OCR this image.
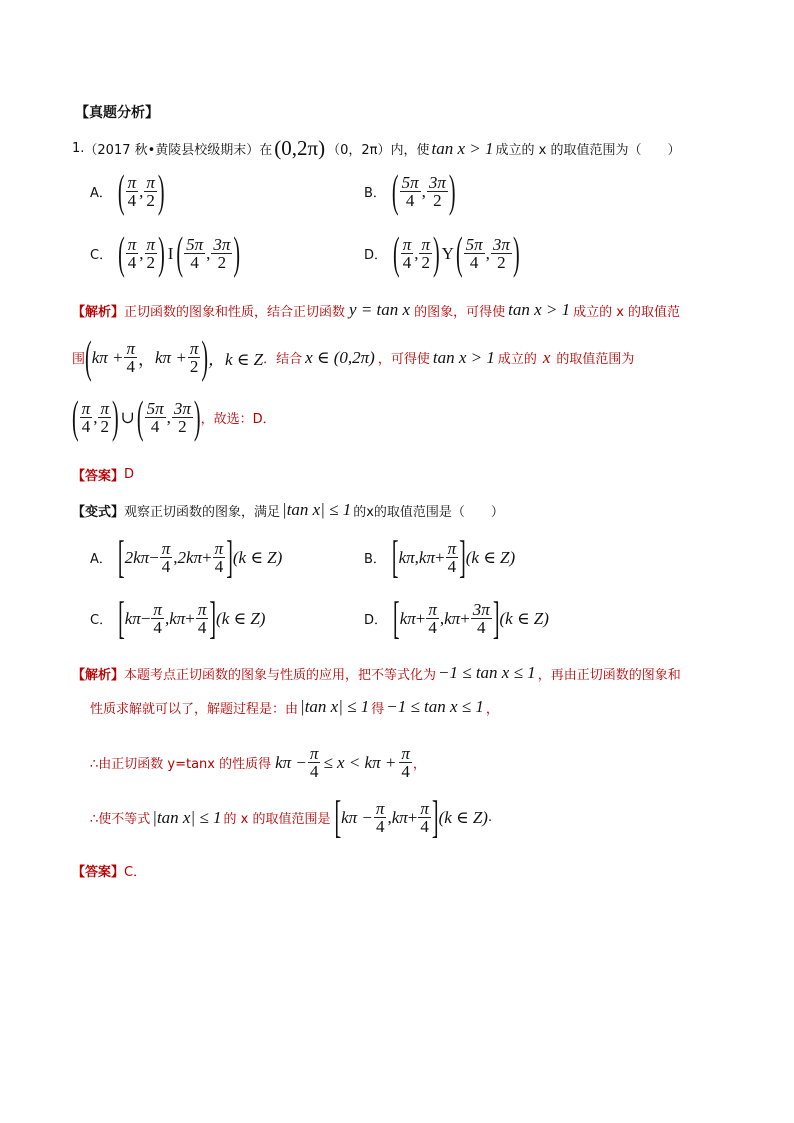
【真题分析】
1. （2017 秋•黄陵县校级期末）在 (0,2π) （0，2π）内，使 tan x > 1 成立的 x 的取值范围为（　　）
A． ( $\frac{\pi}{4}$ , $\frac{\pi}{2}$ )	B． ( $\frac{5\pi}{4}$ , $\frac{3\pi}{2}$ )
C． ( $\frac{\pi}{4}$ , $\frac{\pi}{2}$ ) I ( $\frac{5\pi}{4}$ , $\frac{3\pi}{2}$ )	D． ( $\frac{\pi}{4}$ , $\frac{\pi}{2}$ ) Y ( $\frac{5\pi}{4}$ , $\frac{3\pi}{2}$ )
【解析】 正切函数的图象和性质，结合正切函数 y = tan x 的图象，可得使 tan x > 1 成立的 x 的取值范
围 ( $k\pi + \frac{\pi}{4}$ ， $k\pi + \frac{\pi}{2}$ ) ，k ∈ Z ．结合 x ∈ (0,2π) ，可得使 tan x > 1 成立的 x 的取值范围为
( $\frac{\pi}{4}$ , $\frac{\pi}{2}$ ) ∪ ( $\frac{5\pi}{4}$ , $\frac{3\pi}{2}$ ) ，故选：D．
【答案】 D
【变式】 观察正切函数的图象，满足 |tan x| ≤ 1 的x的取值范围是（　　）
A． [ $2k\pi - \frac{\pi}{4}$ , $2k\pi + \frac{\pi}{4}$ ] (k ∈ Z)	B． [ kπ , $k\pi + \frac{\pi}{4}$ ] (k ∈ Z)
C． [ $k\pi - \frac{\pi}{4}$ , $k\pi + \frac{\pi}{4}$ ] (k ∈ Z)	D． [ $k\pi + \frac{\pi}{4}$ , $k\pi + \frac{3\pi}{4}$ ] (k ∈ Z)
【解析】 本题考点正切函数的图象与性质的应用，把不等式化为 −1 ≤ tan x ≤ 1 ，再由正切函数的图象和
性质求解就可以了，解题过程是：由 |tan x| ≤ 1 得 −1 ≤ tan x ≤ 1 ，
∴由正切函数 y=tanx 的性质得 $k\pi - \frac{\pi}{4} \le x < k\pi + \frac{\pi}{4}$ ，
∴使不等式 |tan x| ≤ 1 的 x 的取值范围是 [ $k\pi - \frac{\pi}{4}$ , $k\pi + \frac{\pi}{4}$ ] (k ∈ Z) .
【答案】 C．
